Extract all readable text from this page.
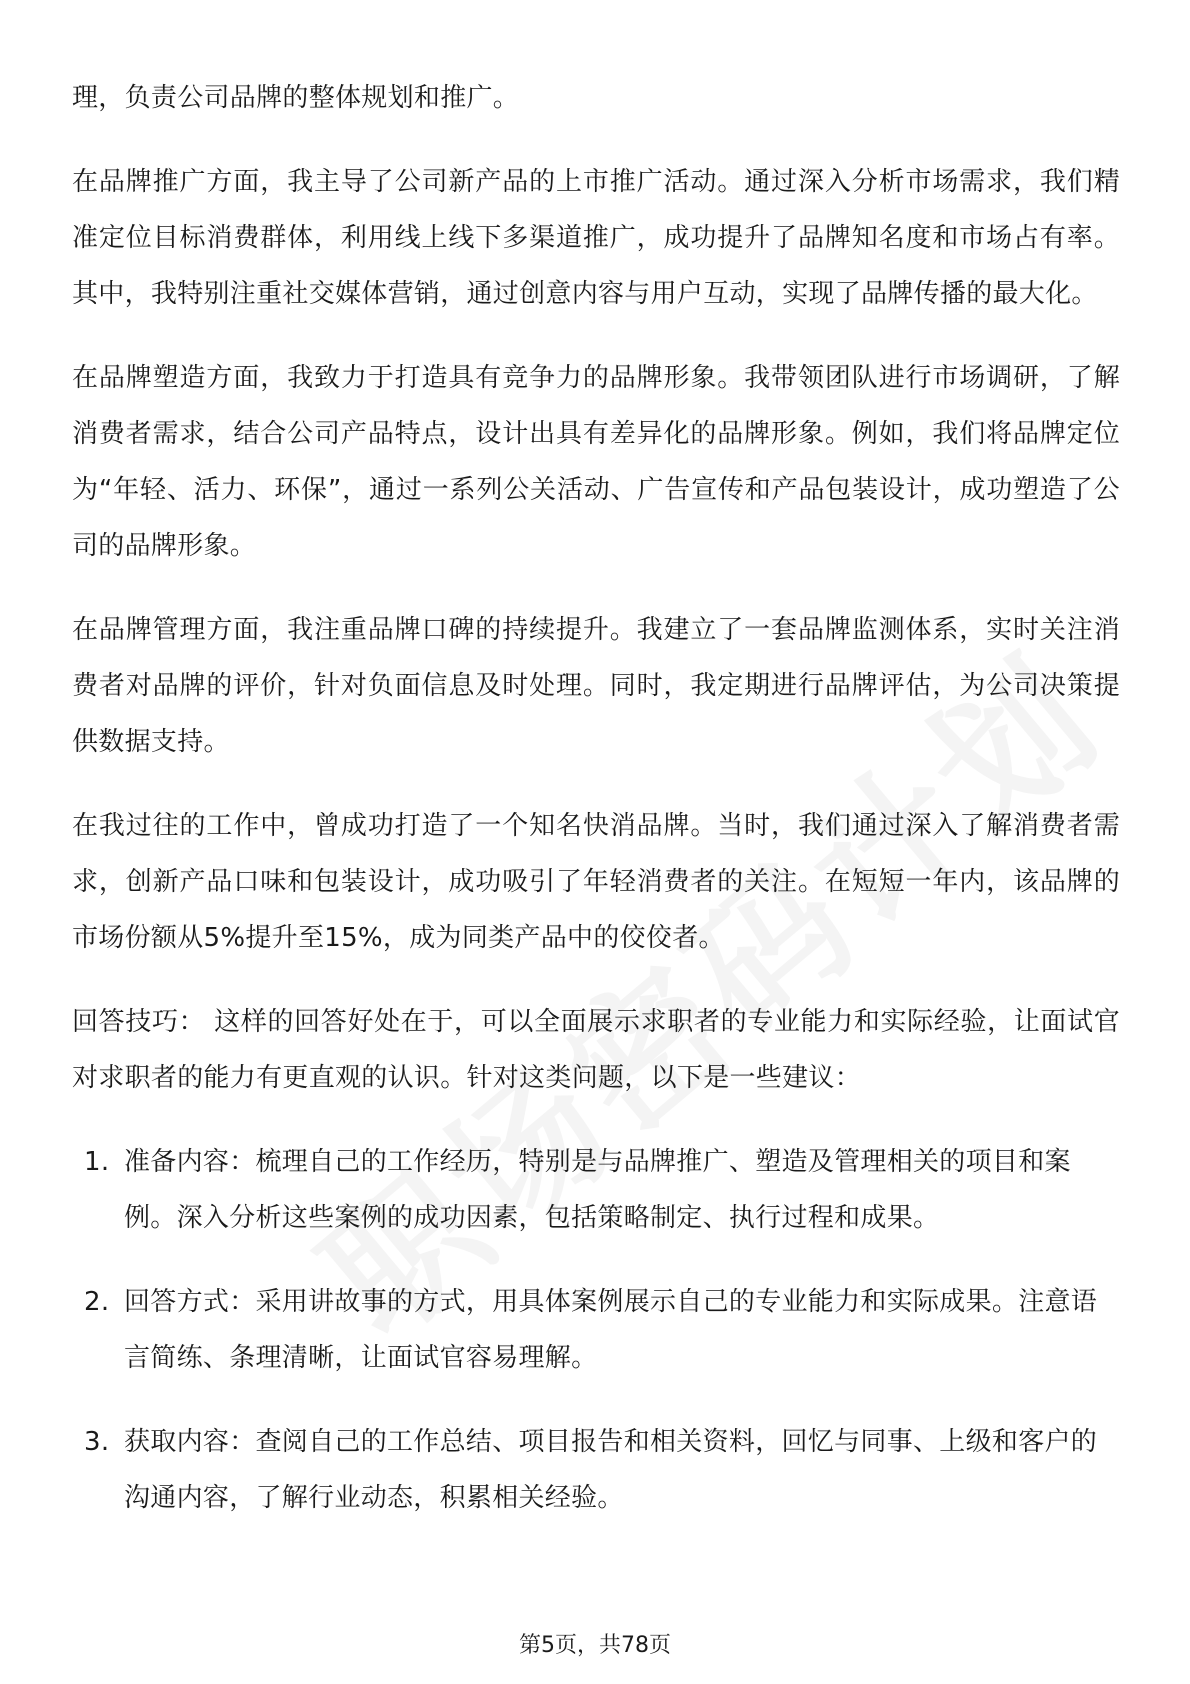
理，负责公司品牌的整体规划和推广。

在品牌推广方面，我主导了公司新产品的上市推广活动。通过深入分析市场需求，我们精准定位目标消费群体，利用线上线下多渠道推广，成功提升了品牌知名度和市场占有率。其中，我特别注重社交媒体营销，通过创意内容与用户互动，实现了品牌传播的最大化。

在品牌塑造方面，我致力于打造具有竞争力的品牌形象。我带领团队进行市场调研，了解消费者需求，结合公司产品特点，设计出具有差异化的品牌形象。例如，我们将品牌定位为“年轻、活力、环保”，通过一系列公关活动、广告宣传和产品包装设计，成功塑造了公司的品牌形象。

在品牌管理方面，我注重品牌口碑的持续提升。我建立了一套品牌监测体系，实时关注消费者对品牌的评价，针对负面信息及时处理。同时，我定期进行品牌评估，为公司决策提供数据支持。

在我过往的工作中，曾成功打造了一个知名快消品牌。当时，我们通过深入了解消费者需求，创新产品口味和包装设计，成功吸引了年轻消费者的关注。在短短一年内，该品牌的市场份额从5%提升至15%，成为同类产品中的佼佼者。

回答技巧： 这样的回答好处在于，可以全面展示求职者的专业能力和实际经验，让面试官对求职者的能力有更直观的认识。针对这类问题，以下是一些建议：

1. 准备内容：梳理自己的工作经历，特别是与品牌推广、塑造及管理相关的项目和案例。深入分析这些案例的成功因素，包括策略制定、执行过程和成果。
2. 回答方式：采用讲故事的方式，用具体案例展示自己的专业能力和实际成果。注意语言简练、条理清晰，让面试官容易理解。
3. 获取内容：查阅自己的工作总结、项目报告和相关资料，回忆与同事、上级和客户的沟通内容，了解行业动态，积累相关经验。
第5页，共78页
